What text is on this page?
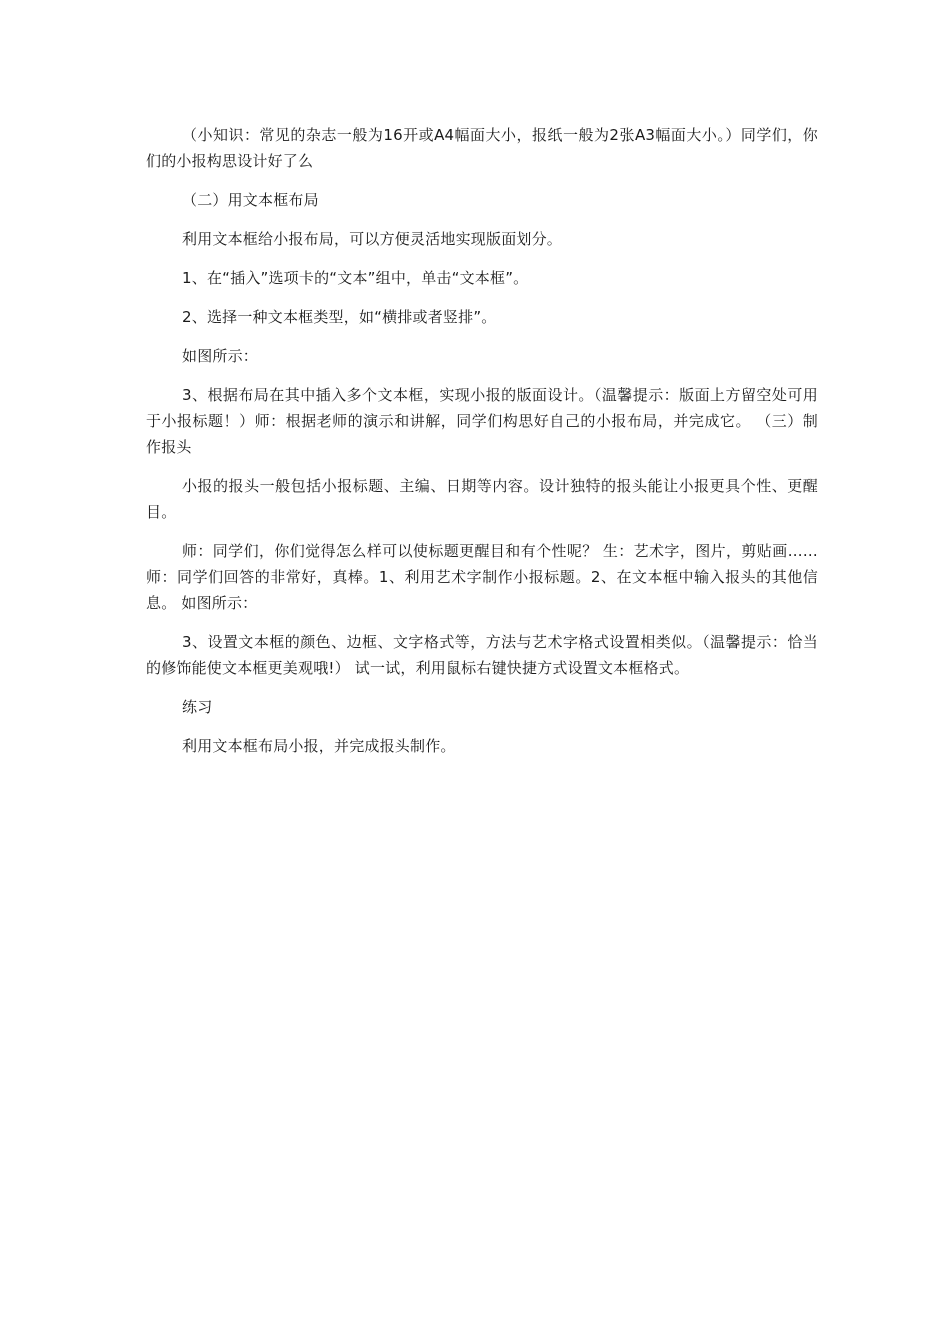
（小知识：常见的杂志一般为16开或A4幅面大小，报纸一般为2张A3幅面大小。）同学们，你们的小报构思设计好了么

（二）用文本框布局

利用文本框给小报布局，可以方便灵活地实现版面划分。

1、在“插入”选项卡的“文本”组中，单击“文本框”。

2、选择一种文本框类型，如“横排或者竖排”。

如图所示：

3、根据布局在其中插入多个文本框，实现小报的版面设计。（温馨提示：版面上方留空处可用于小报标题！）师：根据老师的演示和讲解，同学们构思好自己的小报布局，并完成它。 （三）制作报头

小报的报头一般包括小报标题、主编、日期等内容。设计独特的报头能让小报更具个性、更醒目。

师：同学们，你们觉得怎么样可以使标题更醒目和有个性呢？ 生：艺术字，图片，剪贴画…… 师：同学们回答的非常好，真棒。1、利用艺术字制作小报标题。2、在文本框中输入报头的其他信息。 如图所示：

3、设置文本框的颜色、边框、文字格式等，方法与艺术字格式设置相类似。（温馨提示：恰当的修饰能使文本框更美观哦!） 试一试，利用鼠标右键快捷方式设置文本框格式。

练习

利用文本框布局小报，并完成报头制作。
